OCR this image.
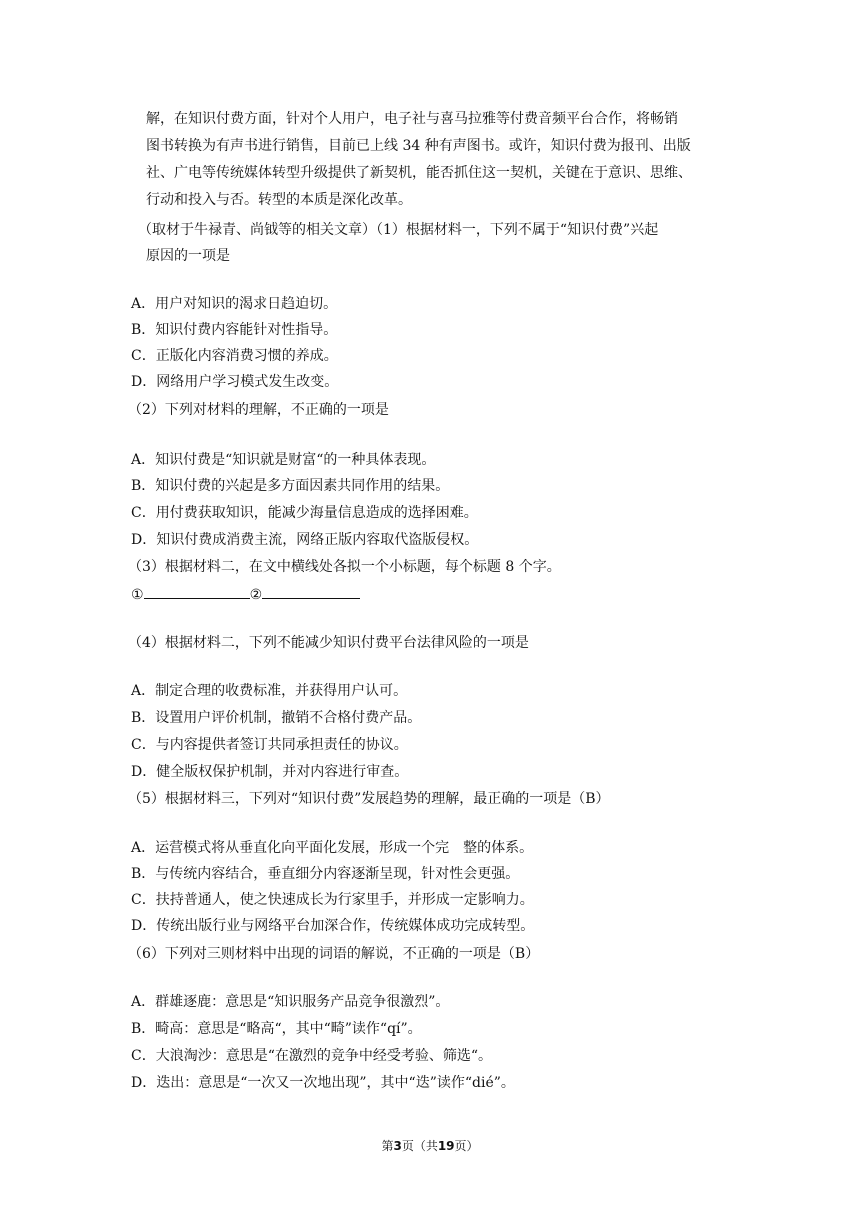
解，在知识付费方面，针对个人用户，电子社与喜马拉雅等付费音频平台合作，将畅销
图书转换为有声书进行销售，目前已上线 34 种有声图书。或许，知识付费为报刊、出版
社、广电等传统媒体转型升级提供了新契机，能否抓住这一契机，关键在于意识、思维、
行动和投入与否。转型的本质是深化改革。
（取材于牛禄青、尚钺等的相关文章）（1）根据材料一，下列不属于“知识付费”兴起
原因的一项是
A．用户对知识的渴求日趋迫切。
B．知识付费内容能针对性指导。
C．正版化内容消费习惯的养成。
D．网络用户学习模式发生改变。
（2）下列对材料的理解，不正确的一项是
A．知识付费是“知识就是财富“的一种具体表现。
B．知识付费的兴起是多方面因素共同作用的结果。
C．用付费获取知识，能减少海量信息造成的选择困难。
D．知识付费成消费主流，网络正版内容取代盗版侵权。
（3）根据材料二，在文中横线处各拟一个小标题，每个标题 8 个字。
①	②
（4）根据材料二，下列不能减少知识付费平台法律风险的一项是
A．制定合理的收费标准，并获得用户认可。
B．设置用户评价机制，撤销不合格付费产品。
C．与内容提供者签订共同承担责任的协议。
D．健全版权保护机制，并对内容进行审查。
（5）根据材料三，下列对“知识付费”发展趋势的理解，最正确的一项是（B）
A．运营模式将从垂直化向平面化发展，形成一个完　整的体系。
B．与传统内容结合，垂直细分内容逐渐呈现，针对性会更强。
C．扶持普通人，使之快速成长为行家里手，并形成一定影响力。
D．传统出版行业与网络平台加深合作，传统媒体成功完成转型。
（6）下列对三则材料中出现的词语的解说，不正确的一项是（B）
A．群雄逐鹿：意思是“知识服务产品竞争很激烈”。
B．畸高：意思是“略高“，其中“畸”读作“qí”。
C．大浪淘沙：意思是“在激烈的竞争中经受考验、筛选“。
D．迭出：意思是“一次又一次地出现”，其中“迭”读作“dié”。
第3页（共19页）
